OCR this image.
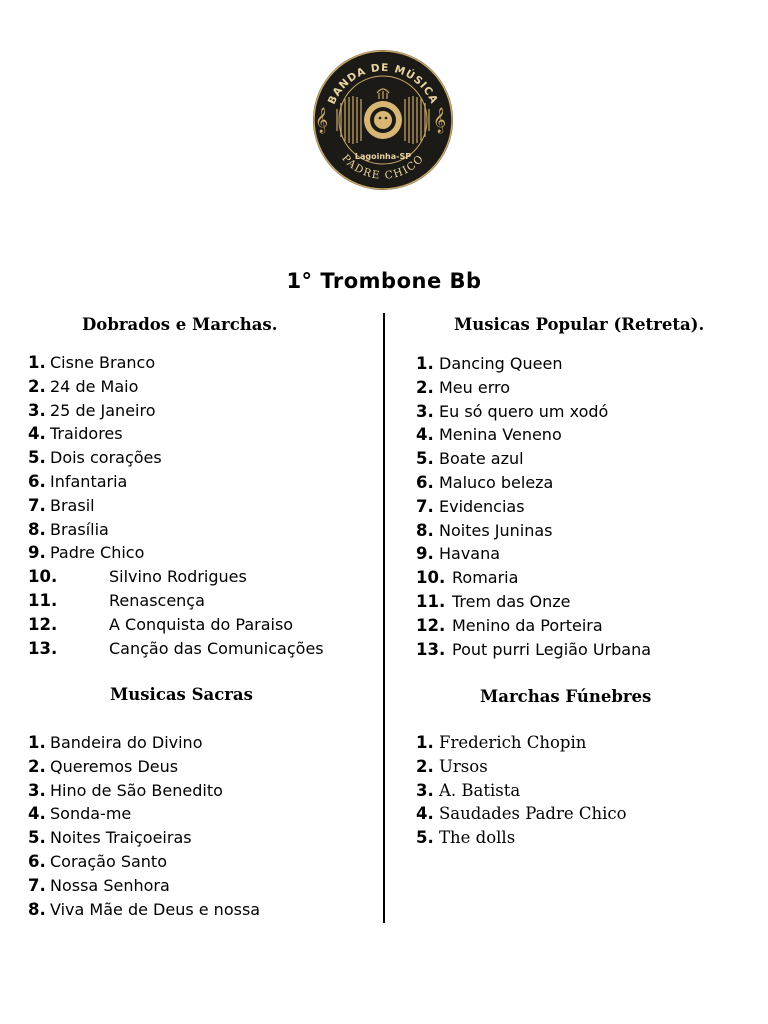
𝄞	𝄞
BANDA DE MÚSICA
Lagoinha-SP
PADRE CHICO
1° Trombone Bb
Dobrados e Marchas.
1. Cisne Branco
2. 24 de Maio
3. 25 de Janeiro
4. Traidores
5. Dois corações
6. Infantaria
7. Brasil
8. Brasília
9. Padre Chico
10.	Silvino Rodrigues
11.	Renascença
12.	A Conquista do Paraiso
13.	Canção das Comunicações
Musicas Sacras
1. Bandeira do Divino
2. Queremos Deus
3. Hino de São Benedito
4. Sonda-me
5. Noites Traiçoeiras
6. Coração Santo
7. Nossa Senhora
8. Viva Mãe de Deus e nossa
Musicas Popular (Retreta).
1. Dancing Queen
2. Meu erro
3. Eu só quero um xodó
4. Menina Veneno
5. Boate azul
6. Maluco beleza
7. Evidencias
8. Noites Juninas
9. Havana
10. Romaria
11. Trem das Onze
12. Menino da Porteira
13. Pout purri Legião Urbana
Marchas Fúnebres
1. Frederich Chopin
2. Ursos
3. A. Batista
4. Saudades Padre Chico
5. The dolls
